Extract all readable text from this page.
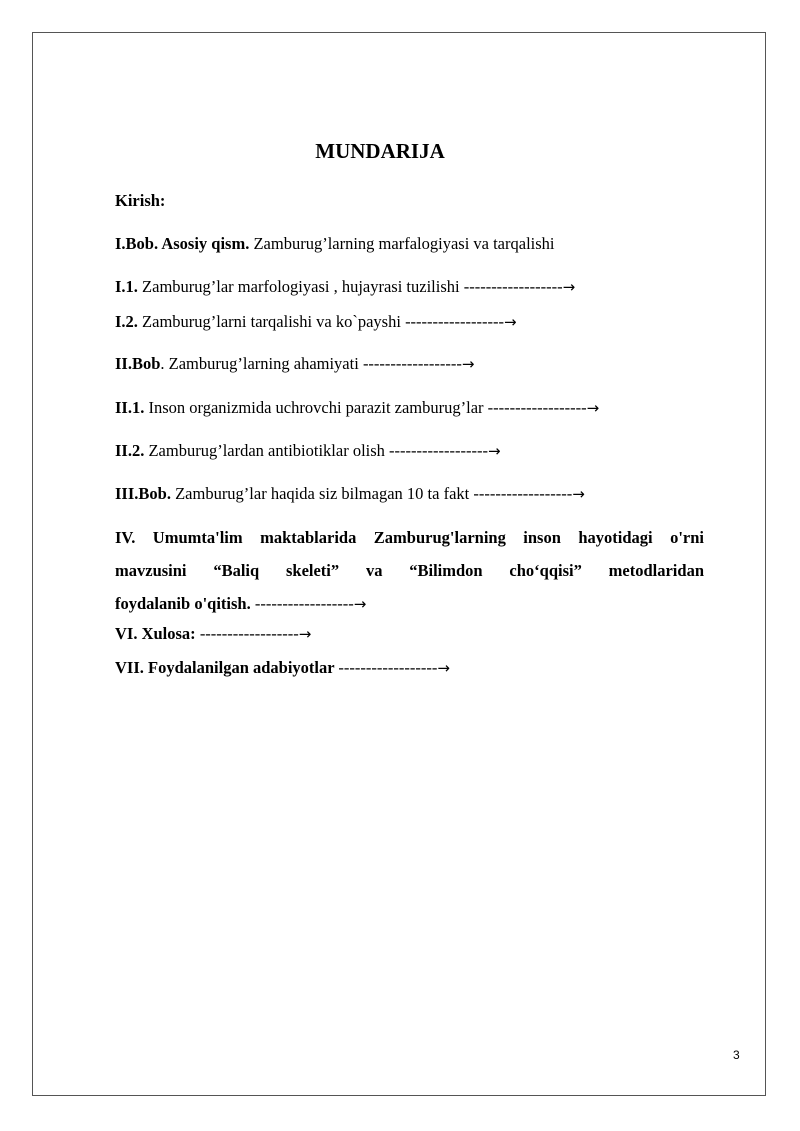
MUNDARIJA
Kirish:
I.Bob. Asosiy qism. Zamburug’larning marfalogiyasi va tarqalishi
I.1. Zamburug’lar marfologiyasi , hujayrasi tuzilishi ------------------→
I.2. Zamburug’larni tarqalishi va ko`payshi ------------------→
II.Bob. Zamburug’larning ahamiyati ------------------→
II.1. Inson organizmida uchrovchi parazit zamburug’lar ------------------→
II.2. Zamburug’lardan antibiotiklar olish ------------------→
III.Bob. Zamburug’lar haqida siz bilmagan 10 ta fakt ------------------→
IV. Umumta'lim maktablarida Zamburug'larning inson hayotidagi o'rni
mavzusini “Baliq skeleti” va “Bilimdon cho‘qqisi” metodlaridan
foydalanib o'qitish. ------------------→
VI. Xulosa: ------------------→
VII. Foydalanilgan adabiyotlar ------------------→
3
